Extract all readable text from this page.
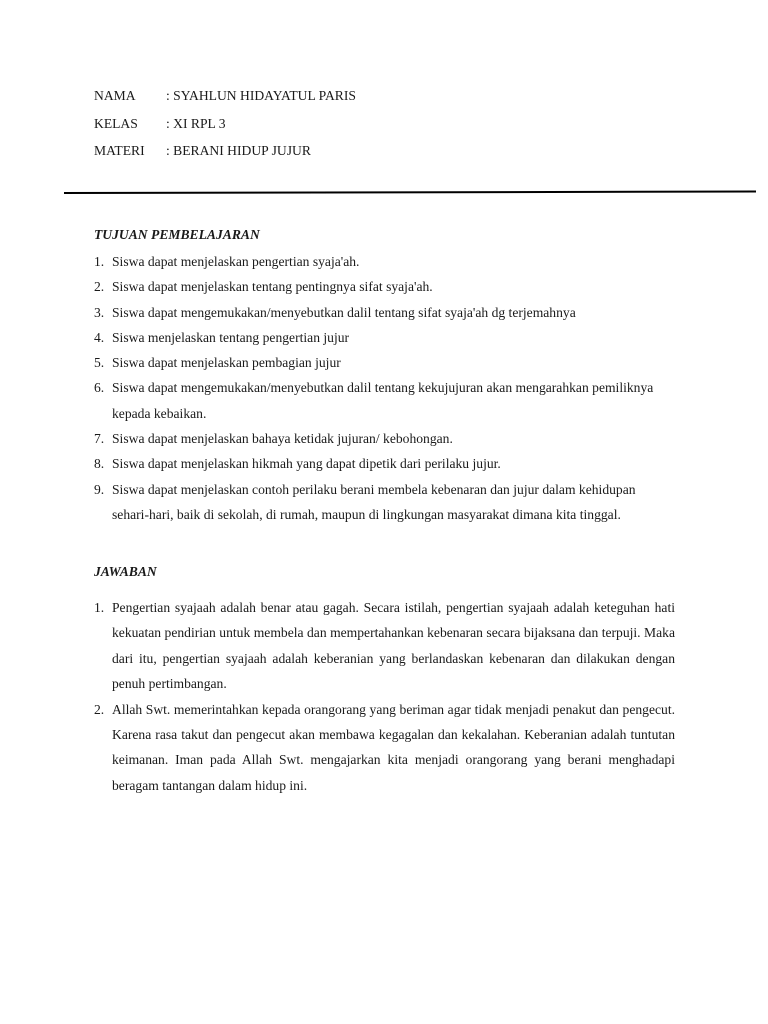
NAMA : SYAHLUN HIDAYATUL PARIS
KELAS : XI RPL 3
MATERI : BERANI HIDUP JUJUR
TUJUAN PEMBELAJARAN
1. Siswa dapat menjelaskan pengertian syaja'ah.
2. Siswa dapat menjelaskan tentang pentingnya sifat syaja'ah.
3. Siswa dapat mengemukakan/menyebutkan dalil tentang sifat syaja'ah dg terjemahnya
4. Siswa menjelaskan tentang pengertian jujur
5. Siswa dapat menjelaskan pembagian jujur
6. Siswa dapat mengemukakan/menyebutkan dalil tentang kekujujuran akan mengarahkan pemiliknya kepada kebaikan.
7. Siswa dapat menjelaskan bahaya ketidak jujuran/ kebohongan.
8. Siswa dapat menjelaskan hikmah yang dapat dipetik dari perilaku jujur.
9. Siswa dapat menjelaskan contoh perilaku berani membela kebenaran dan jujur dalam kehidupan sehari-hari, baik di sekolah, di rumah, maupun di lingkungan masyarakat dimana kita tinggal.
JAWABAN
1. Pengertian syajaah adalah benar atau gagah. Secara istilah, pengertian syajaah adalah keteguhan hati kekuatan pendirian untuk membela dan mempertahankan kebenaran secara bijaksana dan terpuji. Maka dari itu, pengertian syajaah adalah keberanian yang berlandaskan kebenaran dan dilakukan dengan penuh pertimbangan.
2. Allah Swt. memerintahkan kepada orangorang yang beriman agar tidak menjadi penakut dan pengecut. Karena rasa takut dan pengecut akan membawa kegagalan dan kekalahan. Keberanian adalah tuntutan keimanan. Iman pada Allah Swt. mengajarkan kita menjadi orangorang yang berani menghadapi beragam tantangan dalam hidup ini.
